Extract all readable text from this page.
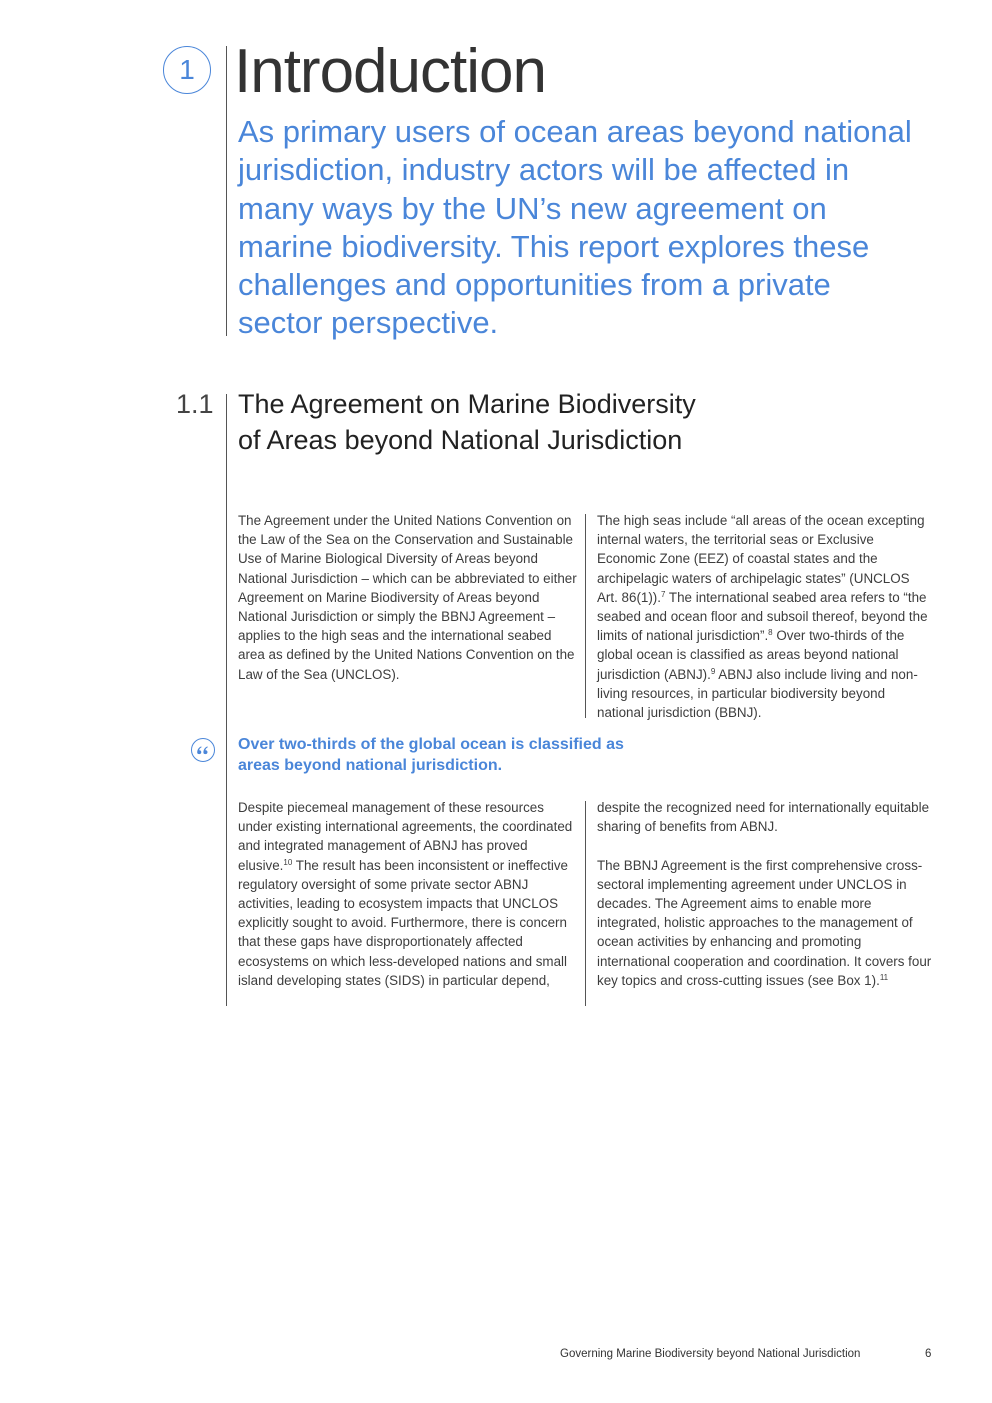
1 Introduction

As primary users of ocean areas beyond national jurisdiction, industry actors will be affected in many ways by the UN’s new agreement on marine biodiversity. This report explores these challenges and opportunities from a private sector perspective.

1.1 The Agreement on Marine Biodiversity
of Areas beyond National Jurisdiction

The Agreement under the United Nations Convention on the Law of the Sea on the Conservation and Sustainable Use of Marine Biological Diversity of Areas beyond National Jurisdiction – which can be abbreviated to either Agreement on Marine Biodiversity of Areas beyond National Jurisdiction or simply the BBNJ Agreement – applies to the high seas and the international seabed area as defined by the United Nations Convention on the Law of the Sea (UNCLOS).

The high seas include “all areas of the ocean excepting internal waters, the territorial seas or Exclusive Economic Zone (EEZ) of coastal states and the archipelagic waters of archipelagic states” (UNCLOS Art. 86(1)).$^7$ The international seabed area refers to “the seabed and ocean floor and subsoil thereof, beyond the limits of national jurisdiction”.$^8$ Over two-thirds of the global ocean is classified as areas beyond national jurisdiction (ABNJ).$^9$ ABNJ also include living and non-living resources, in particular biodiversity beyond national jurisdiction (BBNJ).

Over two-thirds of the global ocean is classified as areas beyond national jurisdiction.

Despite piecemeal management of these resources under existing international agreements, the coordinated and integrated management of ABNJ has proved elusive.$^{10}$ The result has been inconsistent or ineffective regulatory oversight of some private sector ABNJ activities, leading to ecosystem impacts that UNCLOS explicitly sought to avoid. Furthermore, there is concern that these gaps have disproportionately affected ecosystems on which less-developed nations and small island developing states (SIDS) in particular depend,

despite the recognized need for internationally equitable sharing of benefits from ABNJ.

The BBNJ Agreement is the first comprehensive cross-sectoral implementing agreement under UNCLOS in decades. The Agreement aims to enable more integrated, holistic approaches to the management of ocean activities by enhancing and promoting international cooperation and coordination. It covers four key topics and cross-cutting issues (see Box 1).$^{11}$

Governing Marine Biodiversity beyond National Jurisdiction	6
